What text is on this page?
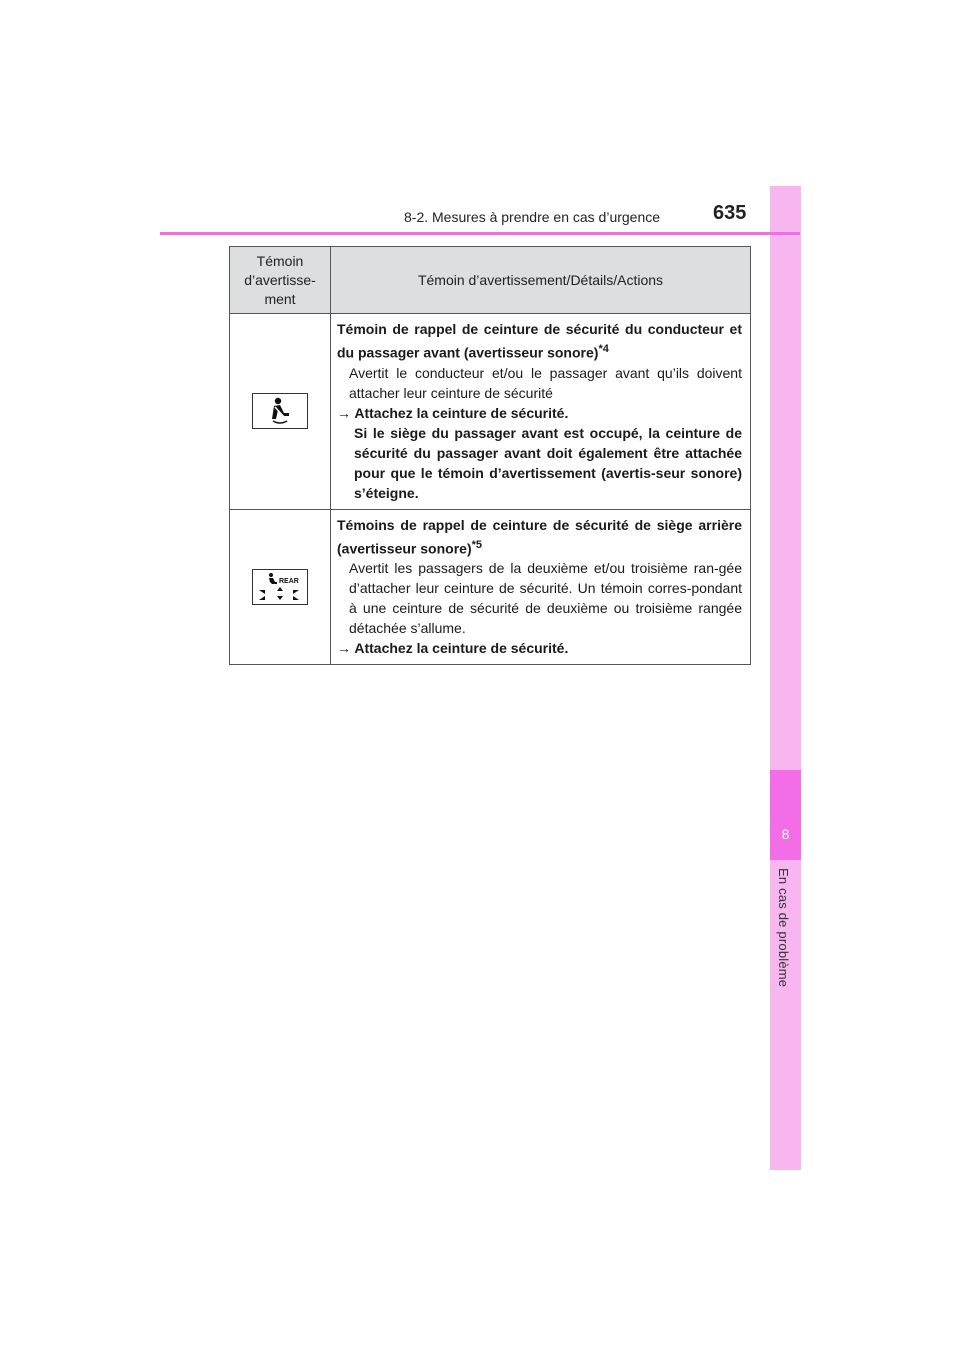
8
En cas de problème
8-2. Mesures à prendre en cas d’urgence	635
Témoin d’avertisse-ment	Témoin d’avertissement/Détails/Actions

Témoin de rappel de ceinture de sécurité du conducteur et du passager avant (avertisseur sonore)$^{*4}$
Avertit le conducteur et/ou le passager avant qu’ils doivent attacher leur ceinture de sécurité
→ Attachez la ceinture de sécurité.
Si le siège du passager avant est occupé, la ceinture de sécurité du passager avant doit également être attachée pour que le témoin d’avertissement (avertis-seur sonore) s’éteigne.

REAR	Témoins de rappel de ceinture de sécurité de siège arrière (avertisseur sonore)$^{*5}$
Avertit les passagers de la deuxième et/ou troisième ran-gée d’attacher leur ceinture de sécurité. Un témoin corres-pondant à une ceinture de sécurité de deuxième ou troisième rangée détachée s’allume.
→ Attachez la ceinture de sécurité.
